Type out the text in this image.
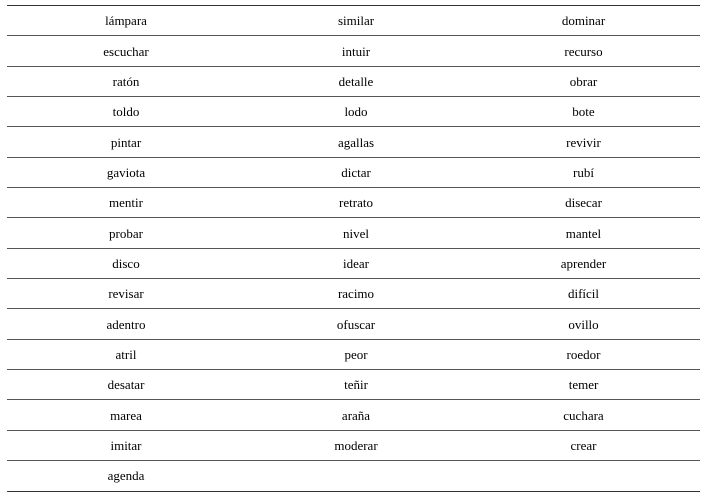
lámpara	similar	dominar
escuchar	intuir	recurso
ratón	detalle	obrar
toldo	lodo	bote
pintar	agallas	revivir
gaviota	dictar	rubí
mentir	retrato	disecar
probar	nivel	mantel
disco	idear	aprender
revisar	racimo	difícil
adentro	ofuscar	ovillo
atril	peor	roedor
desatar	teñir	temer
marea	araña	cuchara
imitar	moderar	crear
agenda		
